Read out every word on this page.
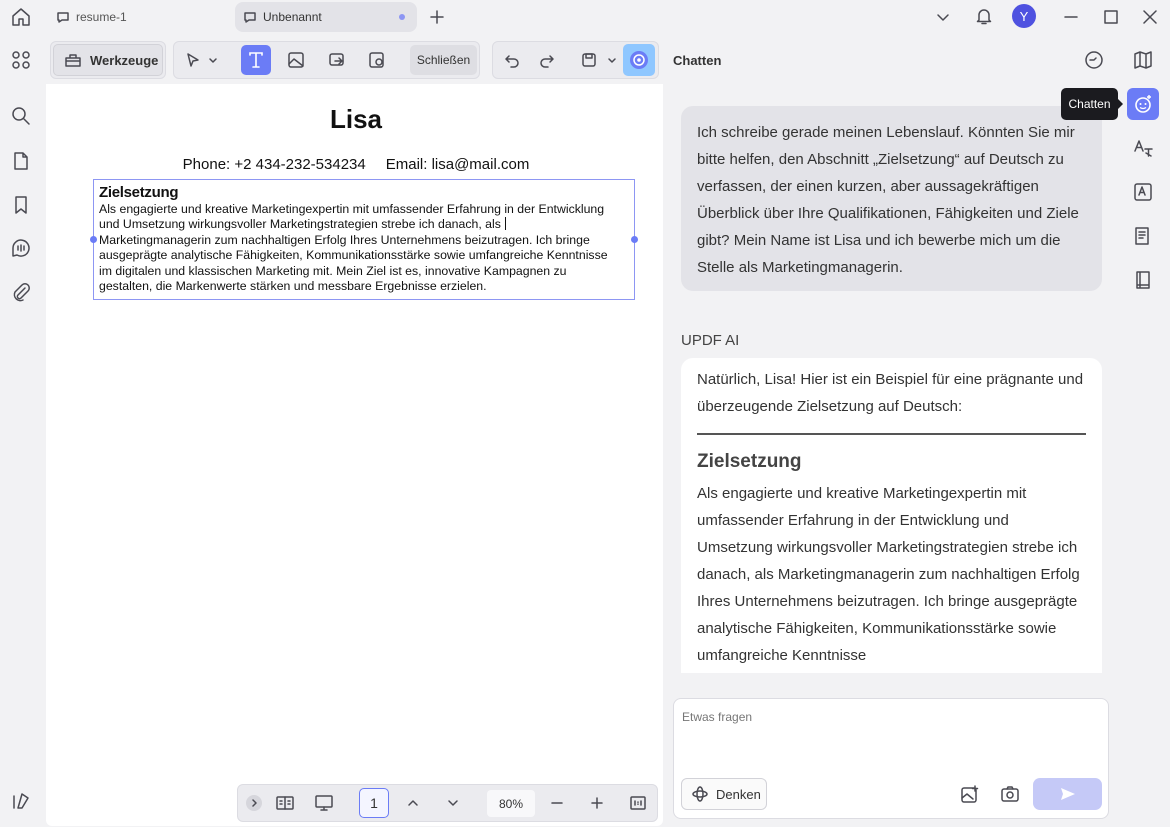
resume-1	Unbenannt	Y
Werkzeuge	Schließen
Lisa
Phone: +2 434-232-534234 Email: lisa@mail.com
Zielsetzung
Als engagierte und kreative Marketingexpertin mit umfassender Erfahrung in der Entwicklung
und Umsetzung wirkungsvoller Marketingstrategien strebe ich danach, als
Marketingmanagerin zum nachhaltigen Erfolg Ihres Unternehmens beizutragen. Ich bringe
ausgeprägte analytische Fähigkeiten, Kommunikationsstärke sowie umfangreiche Kenntnisse
im digitalen und klassischen Marketing mit. Mein Ziel ist es, innovative Kampagnen zu
gestalten, die Markenwerte stärken und messbare Ergebnisse erzielen.
1	80%
Chatten
Ich schreibe gerade meinen Lebenslauf. Könnten Sie mir bitte helfen, den Abschnitt „Zielsetzung“ auf Deutsch zu verfassen, der einen kurzen, aber aussagekräftigen Überblick über Ihre Qualifikationen, Fähigkeiten und Ziele gibt? Mein Name ist Lisa und ich bewerbe mich um die Stelle als Marketingmanagerin.
UPDF AI
Natürlich, Lisa! Hier ist ein Beispiel für eine prägnante und überzeugende Zielsetzung auf Deutsch:
Zielsetzung
Als engagierte und kreative Marketingexpertin mit umfassender Erfahrung in der Entwicklung und Umsetzung wirkungsvoller Marketingstrategien strebe ich danach, als Marketingmanagerin zum nachhaltigen Erfolg Ihres Unternehmens beizutragen. Ich bringe ausgeprägte analytische Fähigkeiten, Kommunikationsstärke sowie umfangreiche Kenntnisse
Etwas fragen
Denken
Chatten
